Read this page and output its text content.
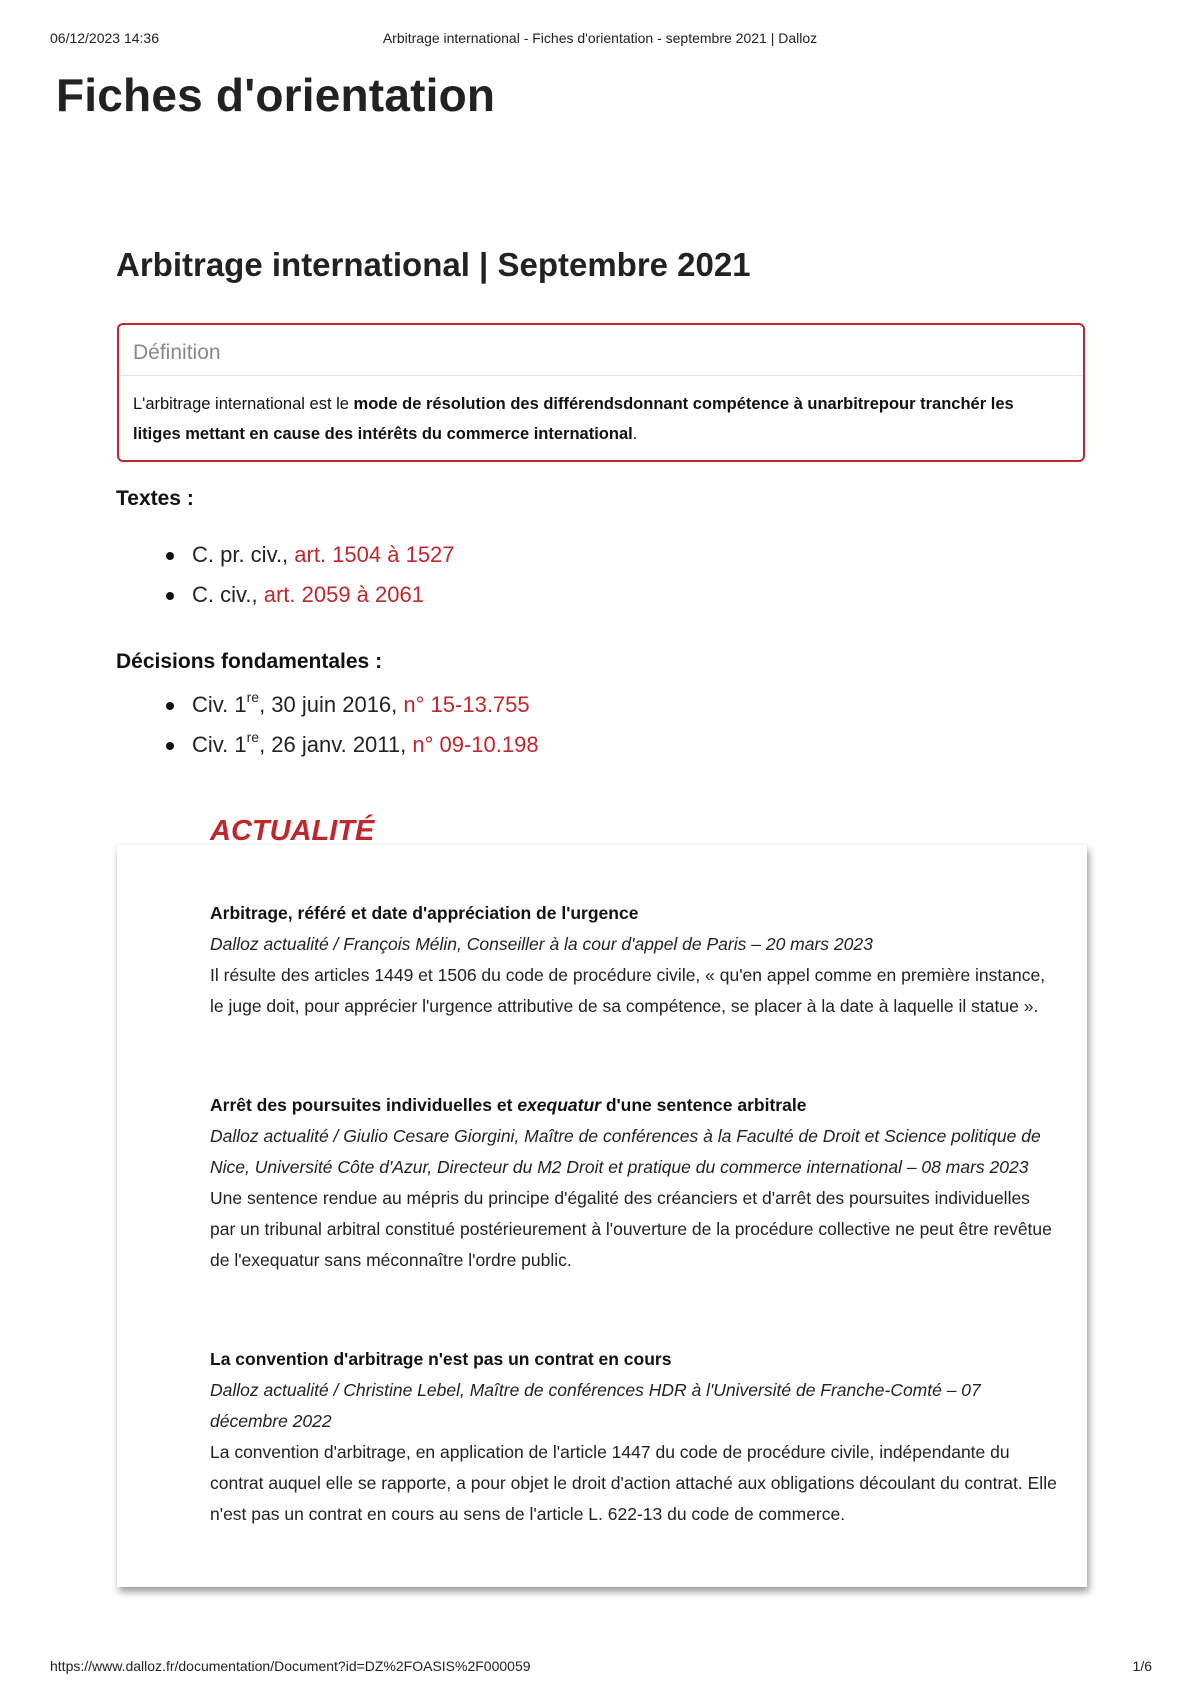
06/12/2023 14:36	Arbitrage international - Fiches d'orientation - septembre 2021 | Dalloz
Fiches d'orientation
Arbitrage international | Septembre 2021
Définition
L'arbitrage international est le mode de résolution des différendsdonnant compétence à unarbitrepour tranchér les litiges mettant en cause des intérêts du commerce international.
Textes :
C. pr. civ., art. 1504 à 1527
C. civ., art. 2059 à 2061
Décisions fondamentales :
Civ. 1re, 30 juin 2016, n° 15-13.755
Civ. 1re, 26 janv. 2011, n° 09-10.198
ACTUALITÉ
Arbitrage, référé et date d'appréciation de l'urgence
Dalloz actualité / François Mélin, Conseiller à la cour d'appel de Paris – 20 mars 2023
Il résulte des articles 1449 et 1506 du code de procédure civile, « qu'en appel comme en première instance, le juge doit, pour apprécier l'urgence attributive de sa compétence, se placer à la date à laquelle il statue ».
Arrêt des poursuites individuelles et exequatur d'une sentence arbitrale
Dalloz actualité / Giulio Cesare Giorgini, Maître de conférences à la Faculté de Droit et Science politique de Nice, Université Côte d'Azur, Directeur du M2 Droit et pratique du commerce international – 08 mars 2023
Une sentence rendue au mépris du principe d'égalité des créanciers et d'arrêt des poursuites individuelles par un tribunal arbitral constitué postérieurement à l'ouverture de la procédure collective ne peut être revêtue de l'exequatur sans méconnaître l'ordre public.
La convention d'arbitrage n'est pas un contrat en cours
Dalloz actualité / Christine Lebel, Maître de conférences HDR à l'Université de Franche-Comté – 07 décembre 2022
La convention d'arbitrage, en application de l'article 1447 du code de procédure civile, indépendante du contrat auquel elle se rapporte, a pour objet le droit d'action attaché aux obligations découlant du contrat. Elle n'est pas un contrat en cours au sens de l'article L. 622-13 du code de commerce.
https://www.dalloz.fr/documentation/Document?id=DZ%2FOASIS%2F000059	1/6
